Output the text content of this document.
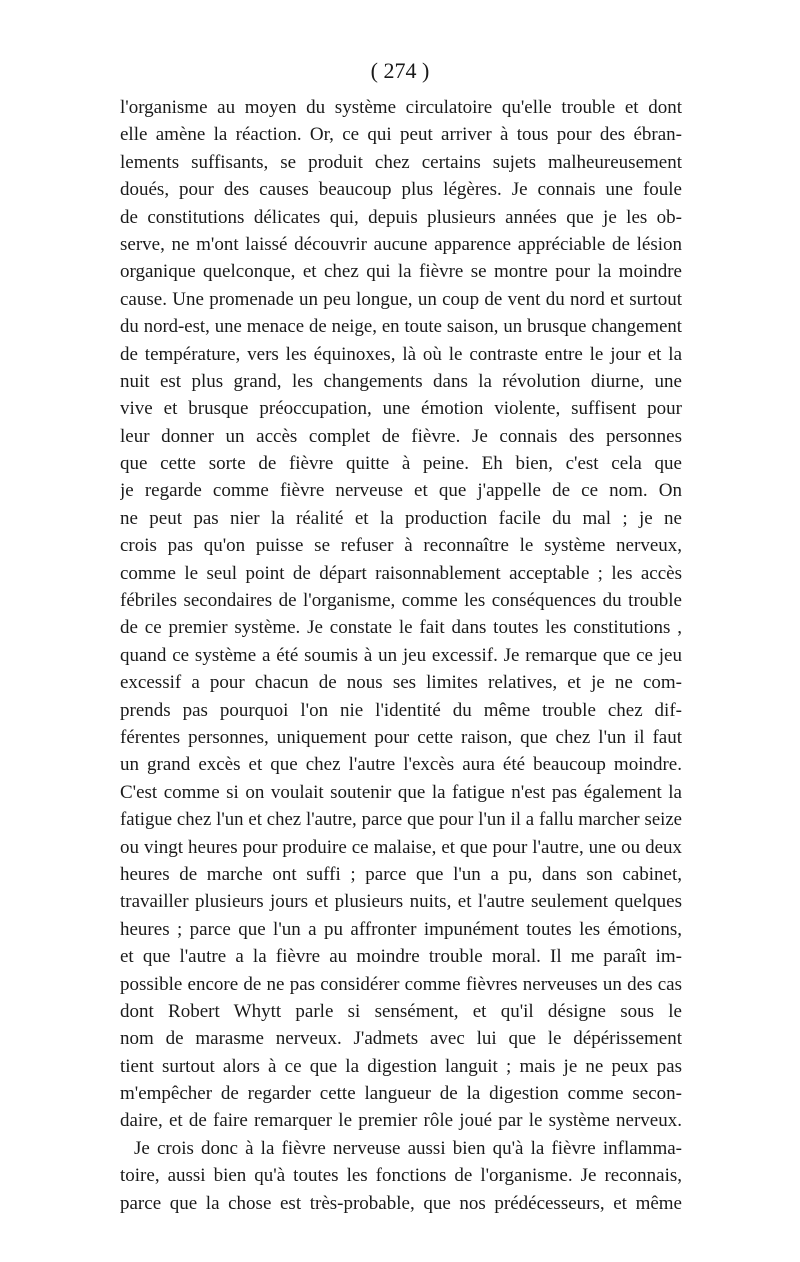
( 274 )
l'organisme au moyen du système circulatoire qu'elle trouble et dont
elle amène la réaction. Or, ce qui peut arriver à tous pour des ébran-
lements suffisants, se produit chez certains sujets malheureusement
doués, pour des causes beaucoup plus légères. Je connais une foule
de constitutions délicates qui, depuis plusieurs années que je les ob-
serve, ne m'ont laissé découvrir aucune apparence appréciable de lésion
organique quelconque, et chez qui la fièvre se montre pour la moindre
cause. Une promenade un peu longue, un coup de vent du nord et surtout
du nord-est, une menace de neige, en toute saison, un brusque changement
de température, vers les équinoxes, là où le contraste entre le jour et la
nuit est plus grand, les changements dans la révolution diurne, une
vive et brusque préoccupation, une émotion violente, suffisent pour
leur donner un accès complet de fièvre. Je connais des personnes
que cette sorte de fièvre quitte à peine. Eh bien, c'est cela que
je regarde comme fièvre nerveuse et que j'appelle de ce nom. On
ne peut pas nier la réalité et la production facile du mal ; je ne
crois pas qu'on puisse se refuser à reconnaître le système nerveux,
comme le seul point de départ raisonnablement acceptable ; les accès
fébriles secondaires de l'organisme, comme les conséquences du trouble
de ce premier système. Je constate le fait dans toutes les constitutions ,
quand ce système a été soumis à un jeu excessif. Je remarque que ce jeu
excessif a pour chacun de nous ses limites relatives, et je ne com-
prends pas pourquoi l'on nie l'identité du même trouble chez dif-
férentes personnes, uniquement pour cette raison, que chez l'un il faut
un grand excès et que chez l'autre l'excès aura été beaucoup moindre.
C'est comme si on voulait soutenir que la fatigue n'est pas également la
fatigue chez l'un et chez l'autre, parce que pour l'un il a fallu marcher seize
ou vingt heures pour produire ce malaise, et que pour l'autre, une ou deux
heures de marche ont suffi ; parce que l'un a pu, dans son cabinet,
travailler plusieurs jours et plusieurs nuits, et l'autre seulement quelques
heures ; parce que l'un a pu affronter impunément toutes les émotions,
et que l'autre a la fièvre au moindre trouble moral. Il me paraît im-
possible encore de ne pas considérer comme fièvres nerveuses un des cas
dont Robert Whytt parle si sensément, et qu'il désigne sous le
nom de marasme nerveux. J'admets avec lui que le dépérissement
tient surtout alors à ce que la digestion languit ; mais je ne peux pas
m'empêcher de regarder cette langueur de la digestion comme secon-
daire, et de faire remarquer le premier rôle joué par le système nerveux.
Je crois donc à la fièvre nerveuse aussi bien qu'à la fièvre inflamma-
toire, aussi bien qu'à toutes les fonctions de l'organisme. Je reconnais,
parce que la chose est très-probable, que nos prédécesseurs, et même
